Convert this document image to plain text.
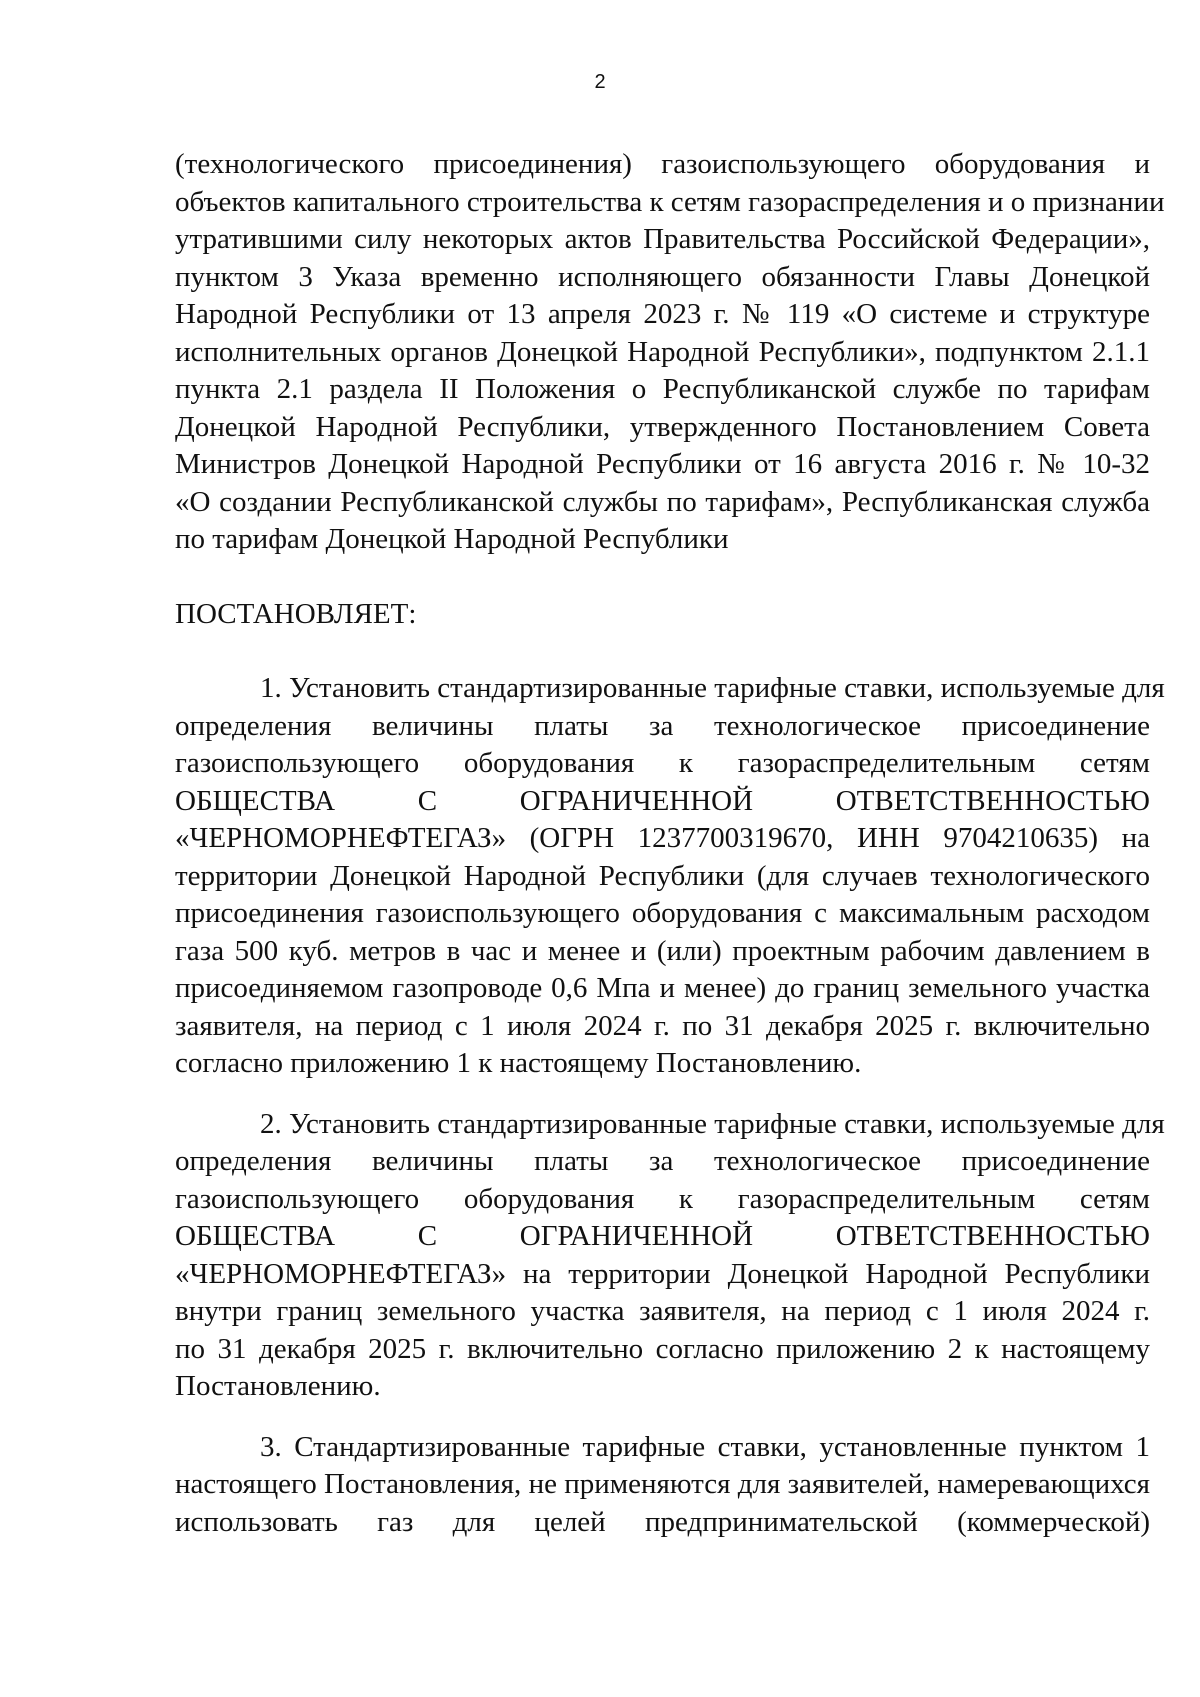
2
(технологического присоединения) газоиспользующего оборудования и
объектов капитального строительства к сетям газораспределения и о признании
утратившими силу некоторых актов Правительства Российской Федерации»,
пунктом 3 Указа временно исполняющего обязанности Главы Донецкой
Народной Республики от 13 апреля 2023 г. № 119 «О системе и структуре
исполнительных органов Донецкой Народной Республики», подпунктом 2.1.1
пункта 2.1 раздела II Положения о Республиканской службе по тарифам
Донецкой Народной Республики, утвержденного Постановлением Совета
Министров Донецкой Народной Республики от 16 августа 2016 г. № 10-32
«О создании Республиканской службы по тарифам», Республиканская служба
по тарифам Донецкой Народной Республики
ПОСТАНОВЛЯЕТ:
1. Установить стандартизированные тарифные ставки, используемые для
определения величины платы за технологическое присоединение
газоиспользующего оборудования к газораспределительным сетям
ОБЩЕСТВА С ОГРАНИЧЕННОЙ ОТВЕТСТВЕННОСТЬЮ
«ЧЕРНОМОРНЕФТЕГАЗ» (ОГРН 1237700319670, ИНН 9704210635) на
территории Донецкой Народной Республики (для случаев технологического
присоединения газоиспользующего оборудования с максимальным расходом
газа 500 куб. метров в час и менее и (или) проектным рабочим давлением в
присоединяемом газопроводе 0,6 Мпа и менее) до границ земельного участка
заявителя, на период с 1 июля 2024 г. по 31 декабря 2025 г. включительно
согласно приложению 1 к настоящему Постановлению.
2. Установить стандартизированные тарифные ставки, используемые для
определения величины платы за технологическое присоединение
газоиспользующего оборудования к газораспределительным сетям
ОБЩЕСТВА С ОГРАНИЧЕННОЙ ОТВЕТСТВЕННОСТЬЮ
«ЧЕРНОМОРНЕФТЕГАЗ» на территории Донецкой Народной Республики
внутри границ земельного участка заявителя, на период с 1 июля 2024 г.
по 31 декабря 2025 г. включительно согласно приложению 2 к настоящему
Постановлению.
3. Стандартизированные тарифные ставки, установленные пунктом 1
настоящего Постановления, не применяются для заявителей, намеревающихся
использовать газ для целей предпринимательской (коммерческой)
